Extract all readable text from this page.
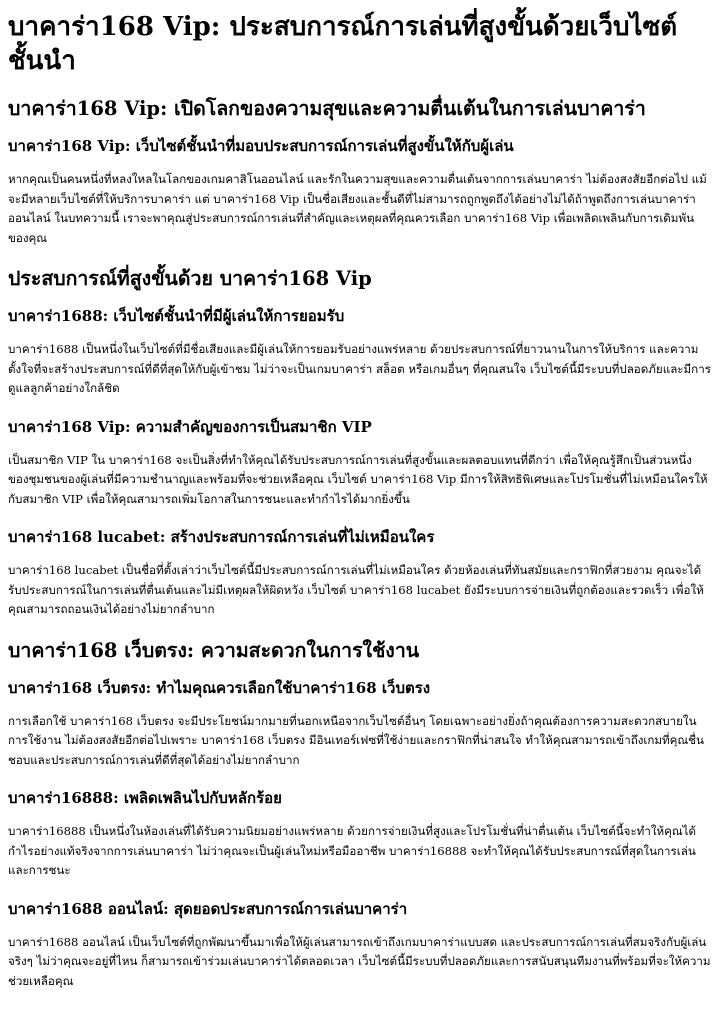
บาคาร่า168 Vip: ประสบการณ์การเล่นที่สูงขั้นด้วยเว็บไซต์ชั้นนำ
บาคาร่า168 Vip: เปิดโลกของความสุขและความตื่นเต้นในการเล่นบาคาร่า
บาคาร่า168 Vip: เว็บไซต์ชั้นนำที่มอบประสบการณ์การเล่นที่สูงขั้นให้กับผู้เล่น

หากคุณเป็นคนหนึ่งที่หลงใหลในโลกของเกมคาสิโนออนไลน์ และรักในความสุขและความตื่นเต้นจากการเล่นบาคาร่า ไม่ต้องสงสัยอีกต่อไป แม้จะมีหลายเว็บไซต์ที่ให้บริการบาคาร่า แต่ บาคาร่า168 Vip เป็นชื่อเสียงและชั้นดีที่ไม่สามารถถูกพูดถึงได้อย่างไม่ได้ถ้าพูดถึงการเล่นบาคาร่าออนไลน์ ในบทความนี้ เราจะพาคุณสู่ประสบการณ์การเล่นที่สำคัญและเหตุผลที่คุณควรเลือก บาคาร่า168 Vip เพื่อเพลิดเพลินกับการเดิมพันของคุณ

ประสบการณ์ที่สูงขั้นด้วย บาคาร่า168 Vip
บาคาร่า1688: เว็บไซต์ชั้นนำที่มีผู้เล่นให้การยอมรับ

บาคาร่า1688 เป็นหนึ่งในเว็บไซต์ที่มีชื่อเสียงและมีผู้เล่นให้การยอมรับอย่างแพร่หลาย ด้วยประสบการณ์ที่ยาวนานในการให้บริการ และความตั้งใจที่จะสร้างประสบการณ์ที่ดีที่สุดให้กับผู้เข้าชม ไม่ว่าจะเป็นเกมบาคาร่า สล็อต หรือเกมอื่นๆ ที่คุณสนใจ เว็บไซต์นี้มีระบบที่ปลอดภัยและมีการดูแลลูกค้าอย่างใกล้ชิด

บาคาร่า168 Vip: ความสำคัญของการเป็นสมาชิก VIP

เป็นสมาชิก VIP ใน บาคาร่า168 จะเป็นสิ่งที่ทำให้คุณได้รับประสบการณ์การเล่นที่สูงขั้นและผลตอบแทนที่ดีกว่า เพื่อให้คุณรู้สึกเป็นส่วนหนึ่งของชุมชนของผู้เล่นที่มีความชำนาญและพร้อมที่จะช่วยเหลือคุณ เว็บไซต์ บาคาร่า168 Vip มีการให้สิทธิพิเศษและโปรโมชั่นที่ไม่เหมือนใครให้กับสมาชิก VIP เพื่อให้คุณสามารถเพิ่มโอกาสในการชนะและทำกำไรได้มากยิ่งขึ้น

บาคาร่า168 lucabet: สร้างประสบการณ์การเล่นที่ไม่เหมือนใคร

บาคาร่า168 lucabet เป็นชื่อที่ตั้งเล่าว่าเว็บไซต์นี้มีประสบการณ์การเล่นที่ไม่เหมือนใคร ด้วยห้องเล่นที่ทันสมัยและกราฟิกที่สวยงาม คุณจะได้รับประสบการณ์ในการเล่นที่ตื่นเต้นและไม่มีเหตุผลให้ผิดหวัง เว็บไซต์ บาคาร่า168 lucabet ยังมีระบบการจ่ายเงินที่ถูกต้องและรวดเร็ว เพื่อให้คุณสามารถถอนเงินได้อย่างไม่ยากลำบาก

บาคาร่า168 เว็บตรง: ความสะดวกในการใช้งาน
บาคาร่า168 เว็บตรง: ทำไมคุณควรเลือกใช้บาคาร่า168 เว็บตรง

การเลือกใช้ บาคาร่า168 เว็บตรง จะมีประโยชน์มากมายที่นอกเหนือจากเว็บไซต์อื่นๆ โดยเฉพาะอย่างยิ่งถ้าคุณต้องการความสะดวกสบายในการใช้งาน ไม่ต้องสงสัยอีกต่อไปเพราะ บาคาร่า168 เว็บตรง มีอินเทอร์เฟซที่ใช้ง่ายและกราฟิกที่น่าสนใจ ทำให้คุณสามารถเข้าถึงเกมที่คุณชื่นชอบและประสบการณ์การเล่นที่ดีที่สุดได้อย่างไม่ยากลำบาก

บาคาร่า16888: เพลิดเพลินไปกับหลักร้อย

บาคาร่า16888 เป็นหนึ่งในห้องเล่นที่ได้รับความนิยมอย่างแพร่หลาย ด้วยการจ่ายเงินที่สูงและโปรโมชั่นที่น่าตื่นเต้น เว็บไซต์นี้จะทำให้คุณได้กำไรอย่างแท้จริงจากการเล่นบาคาร่า ไม่ว่าคุณจะเป็นผู้เล่นใหม่หรือมืออาชีพ บาคาร่า16888 จะทำให้คุณได้รับประสบการณ์ที่สุดในการเล่นและการชนะ

บาคาร่า1688 ออนไลน์: สุดยอดประสบการณ์การเล่นบาคาร่า

บาคาร่า1688 ออนไลน์ เป็นเว็บไซต์ที่ถูกพัฒนาขึ้นมาเพื่อให้ผู้เล่นสามารถเข้าถึงเกมบาคาร่าแบบสด และประสบการณ์การเล่นที่สมจริงกับผู้เล่นจริงๆ ไม่ว่าคุณจะอยู่ที่ไหน ก็สามารถเข้าร่วมเล่นบาคาร่าได้ตลอดเวลา เว็บไซต์นี้มีระบบที่ปลอดภัยและการสนับสนุนทีมงานที่พร้อมที่จะให้ความช่วยเหลือคุณ
